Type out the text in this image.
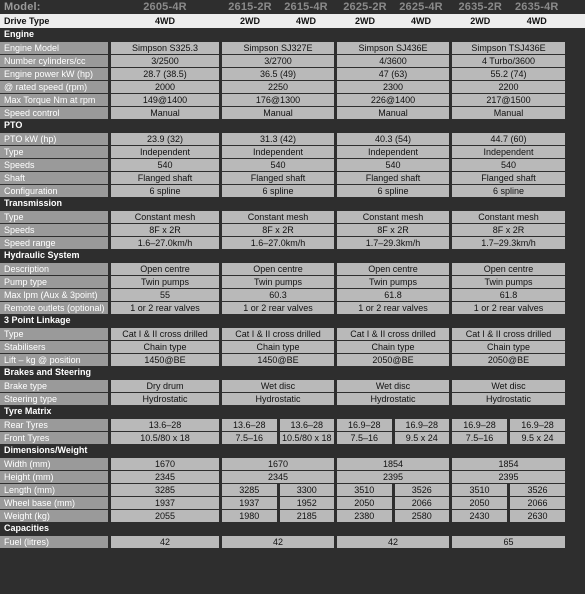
Model:	2605-4R	2615-2R	2615-4R	2625-2R	2625-4R	2635-2R	2635-4R
Drive Type	4WD	2WD	4WD	2WD	4WD	2WD	4WD
Engine
Engine Model	Simpson S325.3	Simpson SJ327E	Simpson SJ436E	Simpson TSJ436E
Number cylinders/cc	3/2500	3/2700	4/3600	4 Turbo/3600
Engine power kW (hp)	28.7 (38.5)	36.5 (49)	47 (63)	55.2 (74)
@ rated speed (rpm)	2000	2250	2300	2200
Max Torque Nm at rpm	149@1400	176@1300	226@1400	217@1500
Speed control	Manual	Manual	Manual	Manual
PTO
PTO kW (hp)	23.9 (32)	31.3 (42)	40.3 (54)	44.7 (60)
Type	Independent	Independent	Independent	Independent
Speeds	540	540	540	540
Shaft	Flanged shaft	Flanged shaft	Flanged shaft	Flanged shaft
Configuration	6 spline	6 spline	6 spline	6 spline
Transmission
Type	Constant mesh	Constant mesh	Constant mesh	Constant mesh
Speeds	8F x 2R	8F x 2R	8F x 2R	8F x 2R
Speed range	1.6–27.0km/h	1.6–27.0km/h	1.7–29.3km/h	1.7–29.3km/h
Hydraulic System
Description	Open centre	Open centre	Open centre	Open centre
Pump type	Twin pumps	Twin pumps	Twin pumps	Twin pumps
Max lpm (Aux & 3point)	55	60.3	61.8	61.8
Remote outlets (optional)	1 or 2 rear valves	1 or 2 rear valves	1 or 2 rear valves	1 or 2 rear valves
3 Point Linkage
Type	Cat I & II cross drilled	Cat I & II cross drilled	Cat I & II cross drilled	Cat I & II cross drilled
Stabilisers	Chain type	Chain type	Chain type	Chain type
Lift – kg @ position	1450@BE	1450@BE	2050@BE	2050@BE
Brakes and Steering
Brake type	Dry drum	Wet disc	Wet disc	Wet disc
Steering type	Hydrostatic	Hydrostatic	Hydrostatic	Hydrostatic
Tyre Matrix
Rear Tyres	13.6–28	13.6–28	13.6–28	16.9–28	16.9–28	16.9–28	16.9–28
Front Tyres	10.5/80 x 18	7.5–16	10.5/80 x 18	7.5–16	9.5 x 24	7.5–16	9.5 x 24
Dimensions/Weight
Width (mm)	1670	1670	1854	1854
Height (mm)	2345	2345	2395	2395
Length (mm)	3285	3285	3300	3510	3526	3510	3526
Wheel base (mm)	1937	1937	1952	2050	2066	2050	2066
Weight (kg)	2055	1980	2185	2380	2580	2430	2630
Capacities
Fuel (litres)	42	42	42	65
